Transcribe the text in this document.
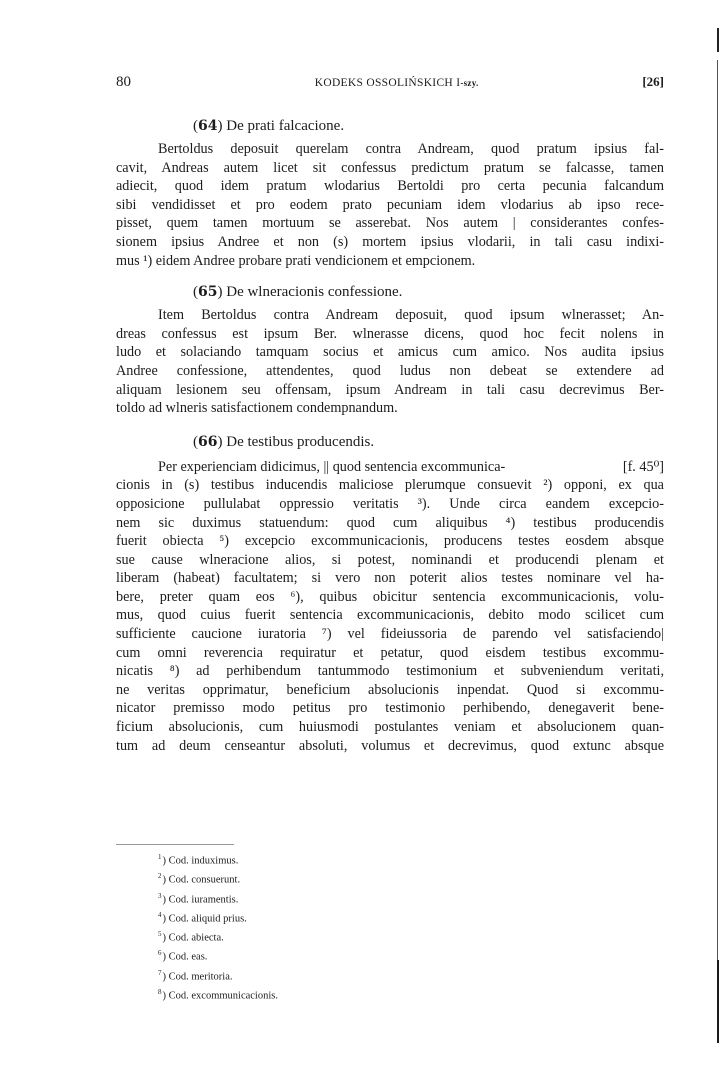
80	KODEKS OSSOLIŃSKICH I-szy.	[26]
(64) De prati falcacione.

Bertoldus deposuit querelam contra Andream, quod pratum ipsius fal-
cavit, Andreas autem licet sit confessus predictum pratum se falcasse, tamen
adiecit, quod idem pratum wlodarius Bertoldi pro certa pecunia falcandum
sibi vendidisset et pro eodem prato pecuniam idem vlodarius ab ipso rece-
pisset, quem tamen mortuum se asserebat. Nos autem | considerantes confes-
sionem ipsius Andree et non (s) mortem ipsius vlodarii, in tali casu indixi-
mus ¹) eidem Andree probare prati vendicionem et empcionem.

(65) De wlneracionis confessione.

Item Bertoldus contra Andream deposuit, quod ipsum wlnerasset; An-
dreas confessus est ipsum Ber. wlnerasse dicens, quod hoc fecit nolens in
ludo et solaciando tamquam socius et amicus cum amico. Nos audita ipsius
Andree confessione, attendentes, quod ludus non debeat se extendere ad
aliquam lesionem seu offensam, ipsum Andream in tali casu decrevimus Ber-
toldo ad wlneris satisfactionem condempnandum.

(66) De testibus producendis.

Per experienciam didicimus, || quod sentencia excommunica-	[f. 45⁰]
cionis in (s) testibus inducendis maliciose plerumque consuevit ²) opponi, ex qua
opposicione pullulabat oppressio veritatis ³). Unde circa eandem excepcio-
nem sic duximus statuendum: quod cum aliquibus ⁴) testibus producendis
fuerit obiecta ⁵) excepcio excommunicacionis, producens testes eosdem absque
sue cause wlneracione alios, si potest, nominandi et producendi plenam et
liberam (habeat) facultatem; si vero non poterit alios testes nominare vel ha-
bere, preter quam eos ⁶), quibus obicitur sentencia excommunicacionis, volu-
mus, quod cuius fuerit sentencia excommunicacionis, debito modo scilicet cum
sufficiente caucione iuratoria ⁷) vel fideiussoria de parendo vel satisfaciendo|
cum omni reverencia requiratur et petatur, quod eisdem testibus excommu-
nicatis ⁸) ad perhibendum tantummodo testimonium et subveniendum veritati,
ne veritas opprimatur, beneficium absolucionis inpendat. Quod si excommu-
nicator premisso modo petitus pro testimonio perhibendo, denegaverit bene-
ficium absolucionis, cum huiusmodi postulantes veniam et absolucionem quan-
tum ad deum censeantur absoluti, volumus et decrevimus, quod extunc absque

$^1$) Cod. induximus.
$^2$) Cod. consuerunt.
$^3$) Cod. iuramentis.
$^4$) Cod. aliquid prius.
$^5$) Cod. abiecta.
$^6$) Cod. eas.
$^7$) Cod. meritoria.
$^8$) Cod. excommunicacionis.
